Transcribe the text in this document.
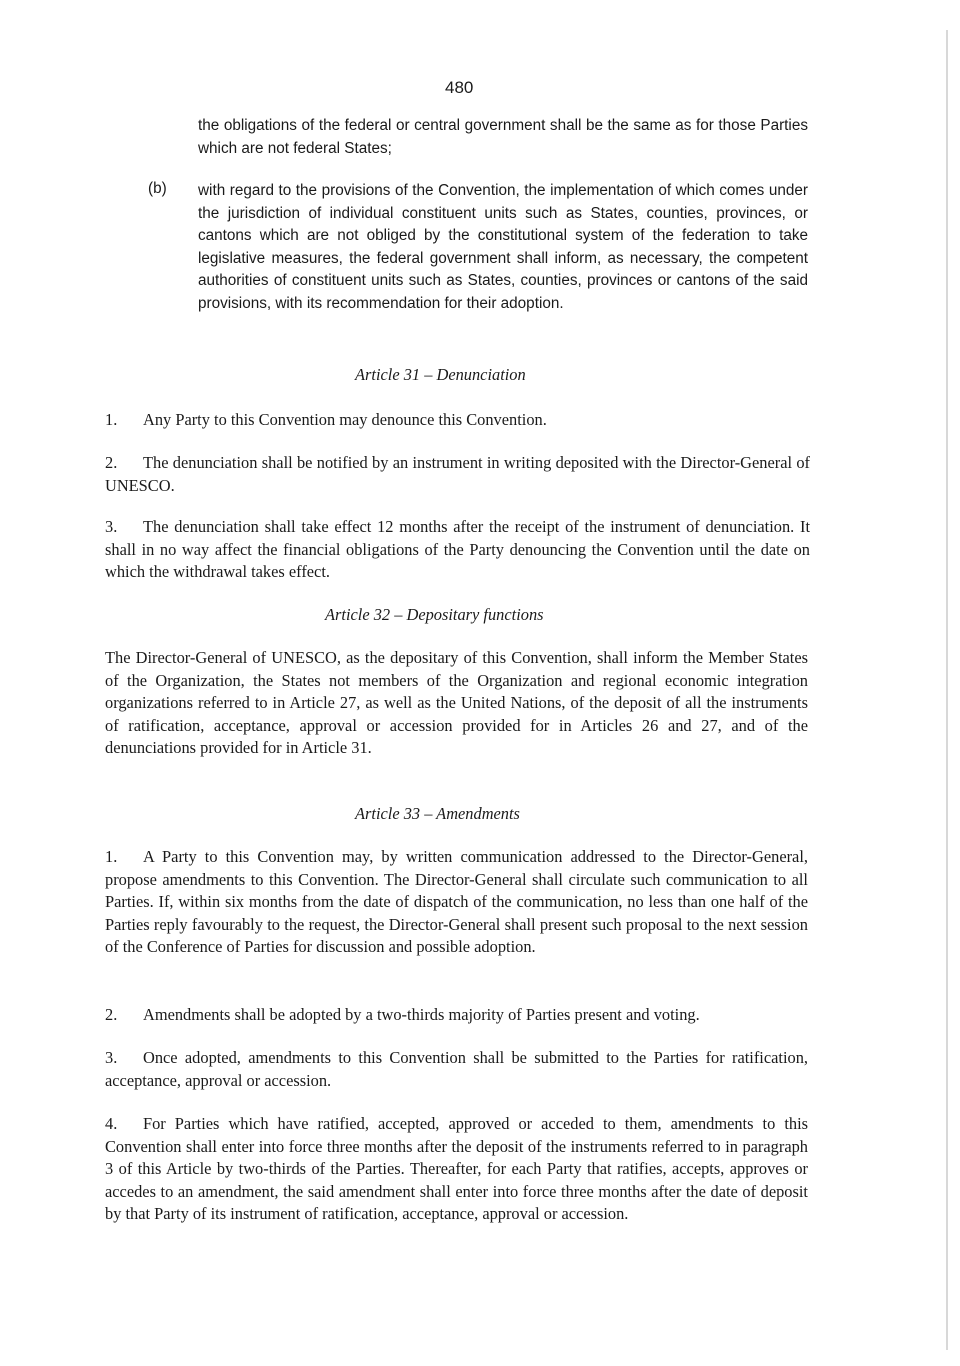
480

the obligations of the federal or central government shall be the same as for those Parties which are not federal States;

(b) with regard to the provisions of the Convention, the implementation of which comes under the jurisdiction of individual constituent units such as States, counties, provinces, or cantons which are not obliged by the constitutional system of the federation to take legislative measures, the federal government shall inform, as necessary, the competent authorities of constituent units such as States, counties, provinces or cantons of the said provisions, with its recommendation for their adoption.

Article 31 – Denunciation

1. Any Party to this Convention may denounce this Convention.

2. The denunciation shall be notified by an instrument in writing deposited with the Director-General of UNESCO.

3. The denunciation shall take effect 12 months after the receipt of the instrument of denunciation. It shall in no way affect the financial obligations of the Party denouncing the Convention until the date on which the withdrawal takes effect.

Article 32 – Depositary functions

The Director-General of UNESCO, as the depositary of this Convention, shall inform the Member States of the Organization, the States not members of the Organization and regional economic integration organizations referred to in Article 27, as well as the United Nations, of the deposit of all the instruments of ratification, acceptance, approval or accession provided for in Articles 26 and 27, and of the denunciations provided for in Article 31.

Article 33 – Amendments

1. A Party to this Convention may, by written communication addressed to the Director-General, propose amendments to this Convention. The Director-General shall circulate such communication to all Parties. If, within six months from the date of dispatch of the communication, no less than one half of the Parties reply favourably to the request, the Director-General shall present such proposal to the next session of the Conference of Parties for discussion and possible adoption.

2. Amendments shall be adopted by a two-thirds majority of Parties present and voting.

3. Once adopted, amendments to this Convention shall be submitted to the Parties for ratification, acceptance, approval or accession.

4. For Parties which have ratified, accepted, approved or acceded to them, amendments to this Convention shall enter into force three months after the deposit of the instruments referred to in paragraph 3 of this Article by two-thirds of the Parties. Thereafter, for each Party that ratifies, accepts, approves or accedes to an amendment, the said amendment shall enter into force three months after the date of deposit by that Party of its instrument of ratification, acceptance, approval or accession.
